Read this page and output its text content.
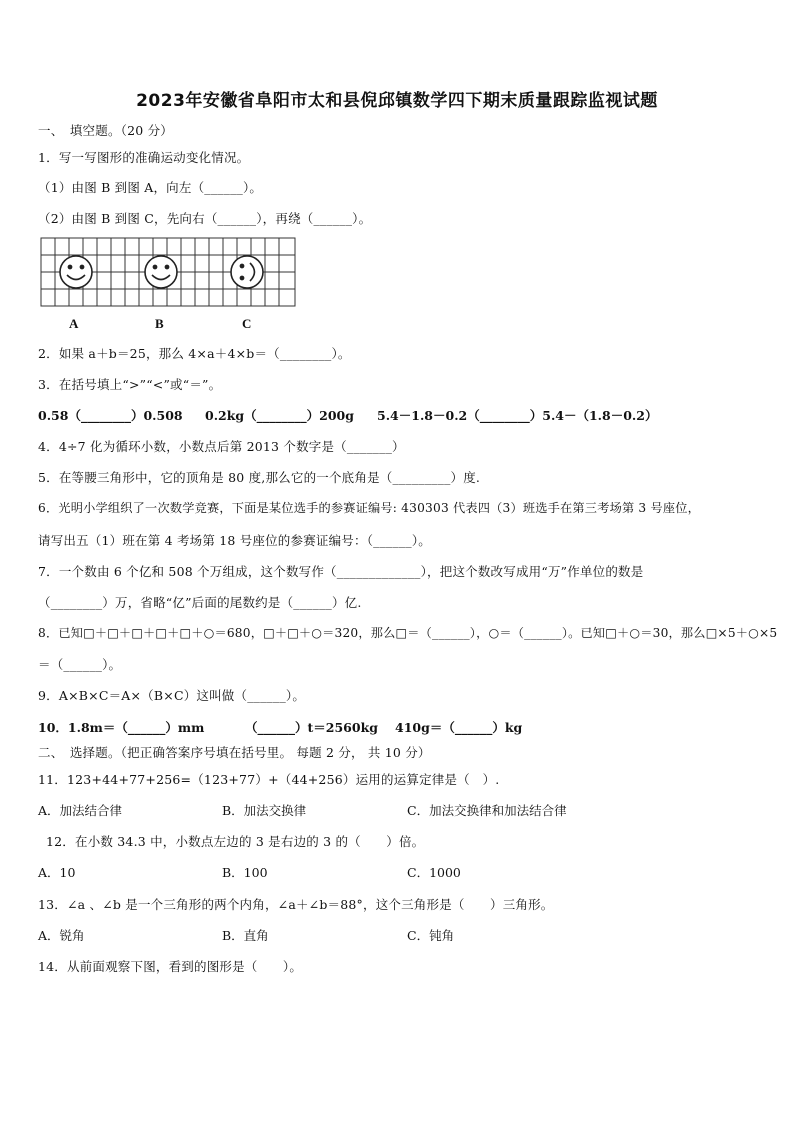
2023年安徽省阜阳市太和县倪邱镇数学四下期末质量跟踪监视试题
一、　填空题。（20 分）
1．写一写图形的准确运动变化情况。
（1）由图 B 到图 A，向左（______）。
（2）由图 B 到图 C，先向右（______），再绕（______）。
A	B	C
2．如果 a＋b＝25，那么 4×a＋4×b＝（________）。
3．在括号填上“>”“<”或“＝”。
0.58（________）0.508 0.2kg（________）200g 5.4－1.8－0.2（________）5.4－（1.8－0.2）
4．4÷7 化为循环小数，小数点后第 2013 个数字是（_______）
5．在等腰三角形中，它的顶角是 80 度,那么它的一个底角是（_________）度.
6．光明小学组织了一次数学竞赛，下面是某位选手的参赛证编号: 430303 代表四（3）班选手在第三考场第 3 号座位，
请写出五（1）班在第 4 考场第 18 号座位的参赛证编号：（______）。
7．一个数由 6 个亿和 508 个万组成，这个数写作（_____________），把这个数改写成用“万”作单位的数是
（________）万，省略“亿”后面的尾数约是（______）亿.
8．已知□＋□＋□＋□＋□＋○＝680，□＋□＋○＝320，那么□＝（______），○＝（______）。已知□＋○＝30，那么□×5＋○×5
＝（______）。
9．A×B×C＝A×（B×C）这叫做（______）。
10．1.8m＝（______）mm	（______）t＝2560kg 410g＝（______）kg
二、　选择题。（把正确答案序号填在括号里。 每题 2 分， 共 10 分）
11．123+44+77+256=（123+77）+（44+256）运用的运算定律是（　）.
A．加法结合律	B．加法交换律	C．加法交换律和加法结合律
12．在小数 34.3 中，小数点左边的 3 是右边的 3 的（　　）倍。
A．10	B．100	C．1000
13．∠a 、∠b 是一个三角形的两个内角，∠a＋∠b＝88°，这个三角形是（　　）三角形。
A．锐角	B．直角	C．钝角
14．从前面观察下图，看到的图形是（　　）。
